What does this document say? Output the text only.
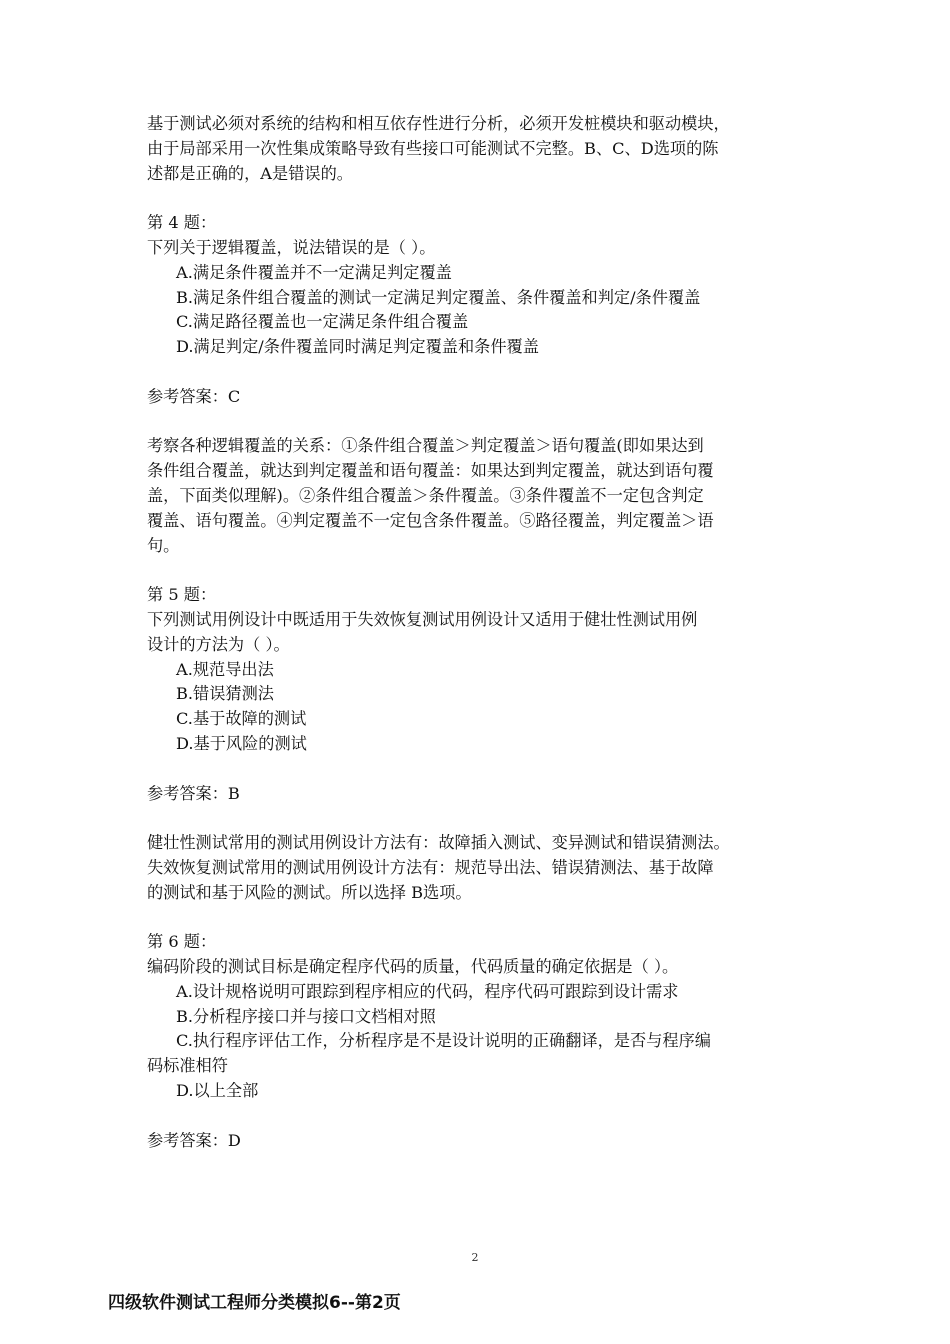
基于测试必须对系统的结构和相互依存性进行分析，必须开发桩模块和驱动模块，

由于局部采用一次性集成策略导致有些接口可能测试不完整。B、C、D选项的陈

述都是正确的，A是错误的。

第 4 题：

下列关于逻辑覆盖，说法错误的是（ ）。

A.满足条件覆盖并不一定满足判定覆盖

B.满足条件组合覆盖的测试一定满足判定覆盖、条件覆盖和判定/条件覆盖

C.满足路径覆盖也一定满足条件组合覆盖

D.满足判定/条件覆盖同时满足判定覆盖和条件覆盖

参考答案：C

考察各种逻辑覆盖的关系：①条件组合覆盖＞判定覆盖＞语句覆盖(即如果达到

条件组合覆盖，就达到判定覆盖和语句覆盖：如果达到判定覆盖，就达到语句覆

盖，下面类似理解)。②条件组合覆盖＞条件覆盖。③条件覆盖不一定包含判定

覆盖、语句覆盖。④判定覆盖不一定包含条件覆盖。⑤路径覆盖，判定覆盖＞语

句。

第 5 题：

下列测试用例设计中既适用于失效恢复测试用例设计又适用于健壮性测试用例

设计的方法为（ ）。

A.规范导出法

B.错误猜测法

C.基于故障的测试

D.基于风险的测试

参考答案：B

健壮性测试常用的测试用例设计方法有：故障插入测试、变异测试和错误猜测法。

失效恢复测试常用的测试用例设计方法有：规范导出法、错误猜测法、基于故障

的测试和基于风险的测试。所以选择 B选项。

第 6 题：

编码阶段的测试目标是确定程序代码的质量，代码质量的确定依据是（ ）。

A.设计规格说明可跟踪到程序相应的代码，程序代码可跟踪到设计需求

B.分析程序接口并与接口文档相对照

C.执行程序评估工作，分析程序是不是设计说明的正确翻译，是否与程序编

码标准相符

D.以上全部

参考答案：D

2
四级软件测试工程师分类模拟6--第2页
